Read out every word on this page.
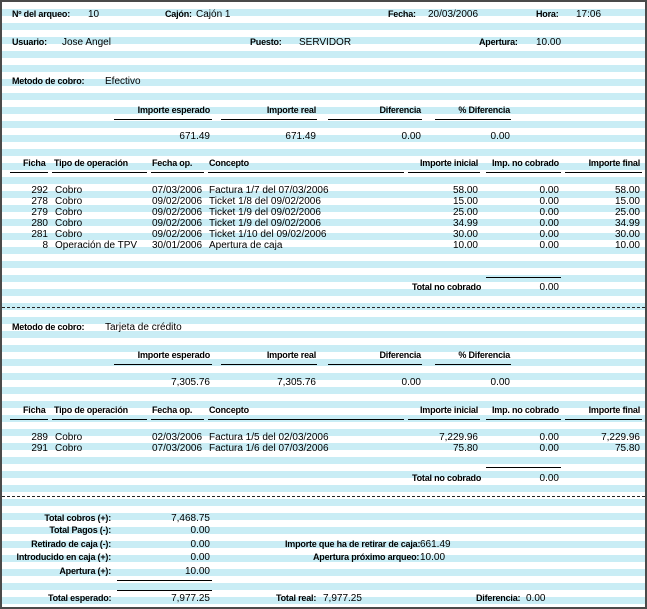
Nº del arqueo: 10	Cajón: Cajón 1	Fecha: 20/03/2006	Hora: 17:06
Usuario: Jose Angel	Puesto: SERVIDOR	Apertura: 10.00
Metodo de cobro: Efectivo
Importe esperado	Importe real	Diferencia	% Diferencia
671.49	671.49	0.00	0.00
Ficha Tipo de operación	Fecha op. Concepto	Importe inicial	Imp. no cobrado	Importe final
292 Cobro	07/03/2006 Factura 1/7 del 07/03/2006	58.00	0.00	58.00
278 Cobro	09/02/2006 Ticket 1/8 del 09/02/2006	15.00	0.00	15.00
279 Cobro	09/02/2006 Ticket 1/9 del 09/02/2006	25.00	0.00	25.00
280 Cobro	09/02/2006 Ticket 1/9 del 09/02/2006	34.99	0.00	34.99
281 Cobro	09/02/2006 Ticket 1/10 del 09/02/2006	30.00	0.00	30.00
8 Operación de TPV	30/01/2006 Apertura de caja	10.00	0.00	10.00
Total no cobrado	0.00
Metodo de cobro: Tarjeta de crédito
Importe esperado	Importe real	Diferencia	% Diferencia
7,305.76	7,305.76	0.00	0.00
Ficha Tipo de operación	Fecha op. Concepto	Importe inicial	Imp. no cobrado	Importe final
289 Cobro	02/03/2006 Factura 1/5 del 02/03/2006	7,229.96	0.00	7,229.96
291 Cobro	07/03/2006 Factura 1/6 del 07/03/2006	75.80	0.00	75.80
Total no cobrado	0.00
Total cobros (+):	7,468.75
Total Pagos (-):	0.00
Retirado de caja (-):	0.00
Introducido en caja (+):	0.00
Apertura (+):	10.00
Importe que ha de retirar de caja: 661.49
Apertura próximo arqueo: 10.00
Total esperado:	7,977.25	Total real: 7,977.25	Diferencia: 0.00
